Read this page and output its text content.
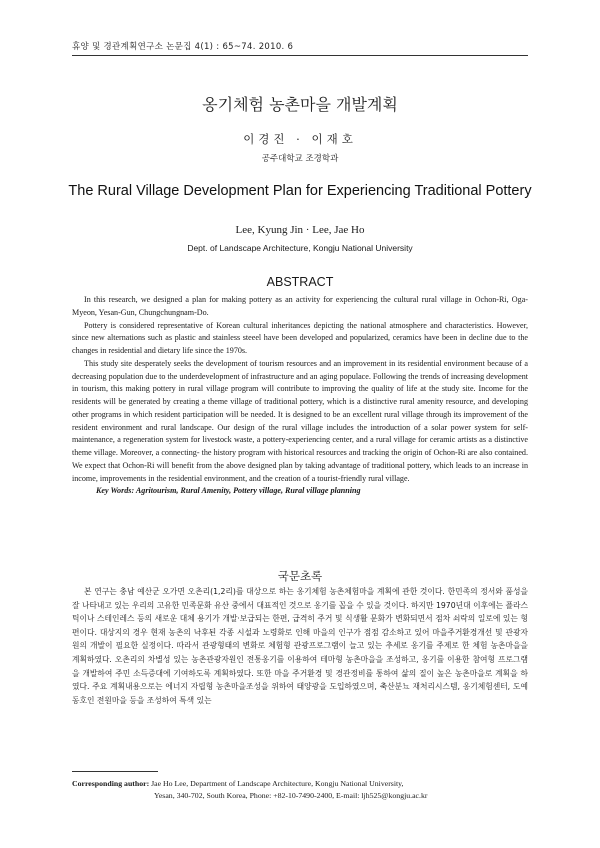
휴양 및 경관계획연구소 논문집 4(1) : 65~74. 2010. 6
옹기체험 농촌마을 개발계획
이경진 · 이재호
공주대학교 조경학과
The Rural Village Development Plan for Experiencing Traditional Pottery
Lee, Kyung Jin · Lee, Jae Ho
Dept. of Landscape Architecture, Kongju National University
ABSTRACT

In this research, we designed a plan for making pottery as an activity for experiencing the cultural rural village in Ochon-Ri, Oga-Myeon, Yesan-Gun, Chungchungnam-Do.

Pottery is considered representative of Korean cultural inheritances depicting the national atmosphere and characteristics. However, since new alternations such as plastic and stainless steeel have been developed and popularized, ceramics have been in decline due to the changes in residential and dietary life since the 1970s.

This study site desperately seeks the development of tourism resources and an improvement in its residential environment because of a decreasing population due to the underdevelopment of infrastructure and an aging populace. Following the trends of increasing development in tourism, this making pottery in rural village program will contribute to improving the quality of life at the study site. Income for the residents will be generated by creating a theme village of traditional pottery, which is a distinctive rural amenity resource, and developing other programs in which resident participation will be needed. It is designed to be an excellent rural village through its improvement of the resident environment and rural landscape. Our design of the rural village includes the introduction of a solar power system for self-maintenance, a regeneration system for livestock waste, a pottery-experiencing center, and a rural village for ceramic artists as a distinctive theme village. Moreover, a connecting- the history program with historical resources and tracking the origin of Ochon-Ri are also contained. We expect that Ochon-Ri will benefit from the above designed plan by taking advantage of traditional pottery, which leads to an increase in income, improvements in the residential environment, and the creation of a tourist-friendly rural village.

Key Words: Agritourism, Rural Amenity, Pottery village, Rural village planning

국문초록

본 연구는 충남 예산군 오가면 오촌리(1,2리)를 대상으로 하는 옹기체험 농촌체험마을 계획에 관한 것이다. 한민족의 정서와 품성을 잘 나타내고 있는 우리의 고유한 민족문화 유산 중에서 대표적인 것으로 옹기를 꼽을 수 있을 것이다. 하지만 1970년대 이후에는 플라스틱이나 스테인레스 등의 새로운 대체 용기가 개발·보급되는 한편, 급격히 주거 및 식생활 문화가 변화되면서 점차 쇠락의 일로에 있는 형편이다. 대상지의 경우 현재 농촌의 낙후된 각종 시설과 노령화로 인해 마을의 인구가 점점 감소하고 있어 마을주거환경개선 및 관광자원의 개발이 필요한 실정이다. 따라서 관광형태의 변화로 체험형 관광프로그램이 늘고 있는 추세로 옹기를 주제로 한 체험 농촌마을을 계획하였다. 오촌리의 차별성 있는 농촌관광자원인 전통옹기를 이용하여 테마형 농촌마을을 조성하고, 옹기를 이용한 참여형 프로그램을 개발하여 주민 소득증대에 기여하도록 계획하였다. 또한 마을 주거환경 및 경관정비를 통하여 삶의 질이 높은 농촌마을로 계획을 하였다. 주요 계획내용으로는 에너지 자립형 농촌마을조성을 위하여 태양광을 도입하였으며, 축산분뇨 재처리시스템, 옹기체험센터, 도예 동호인 전원마을 등을 조성하여 특색 있는

Corresponding author: Jae Ho Lee, Department of Landscape Architecture, Kongju National University,
Yesan, 340-702, South Korea, Phone: +82-10-7490-2400, E-mail: ljh525@kongju.ac.kr
